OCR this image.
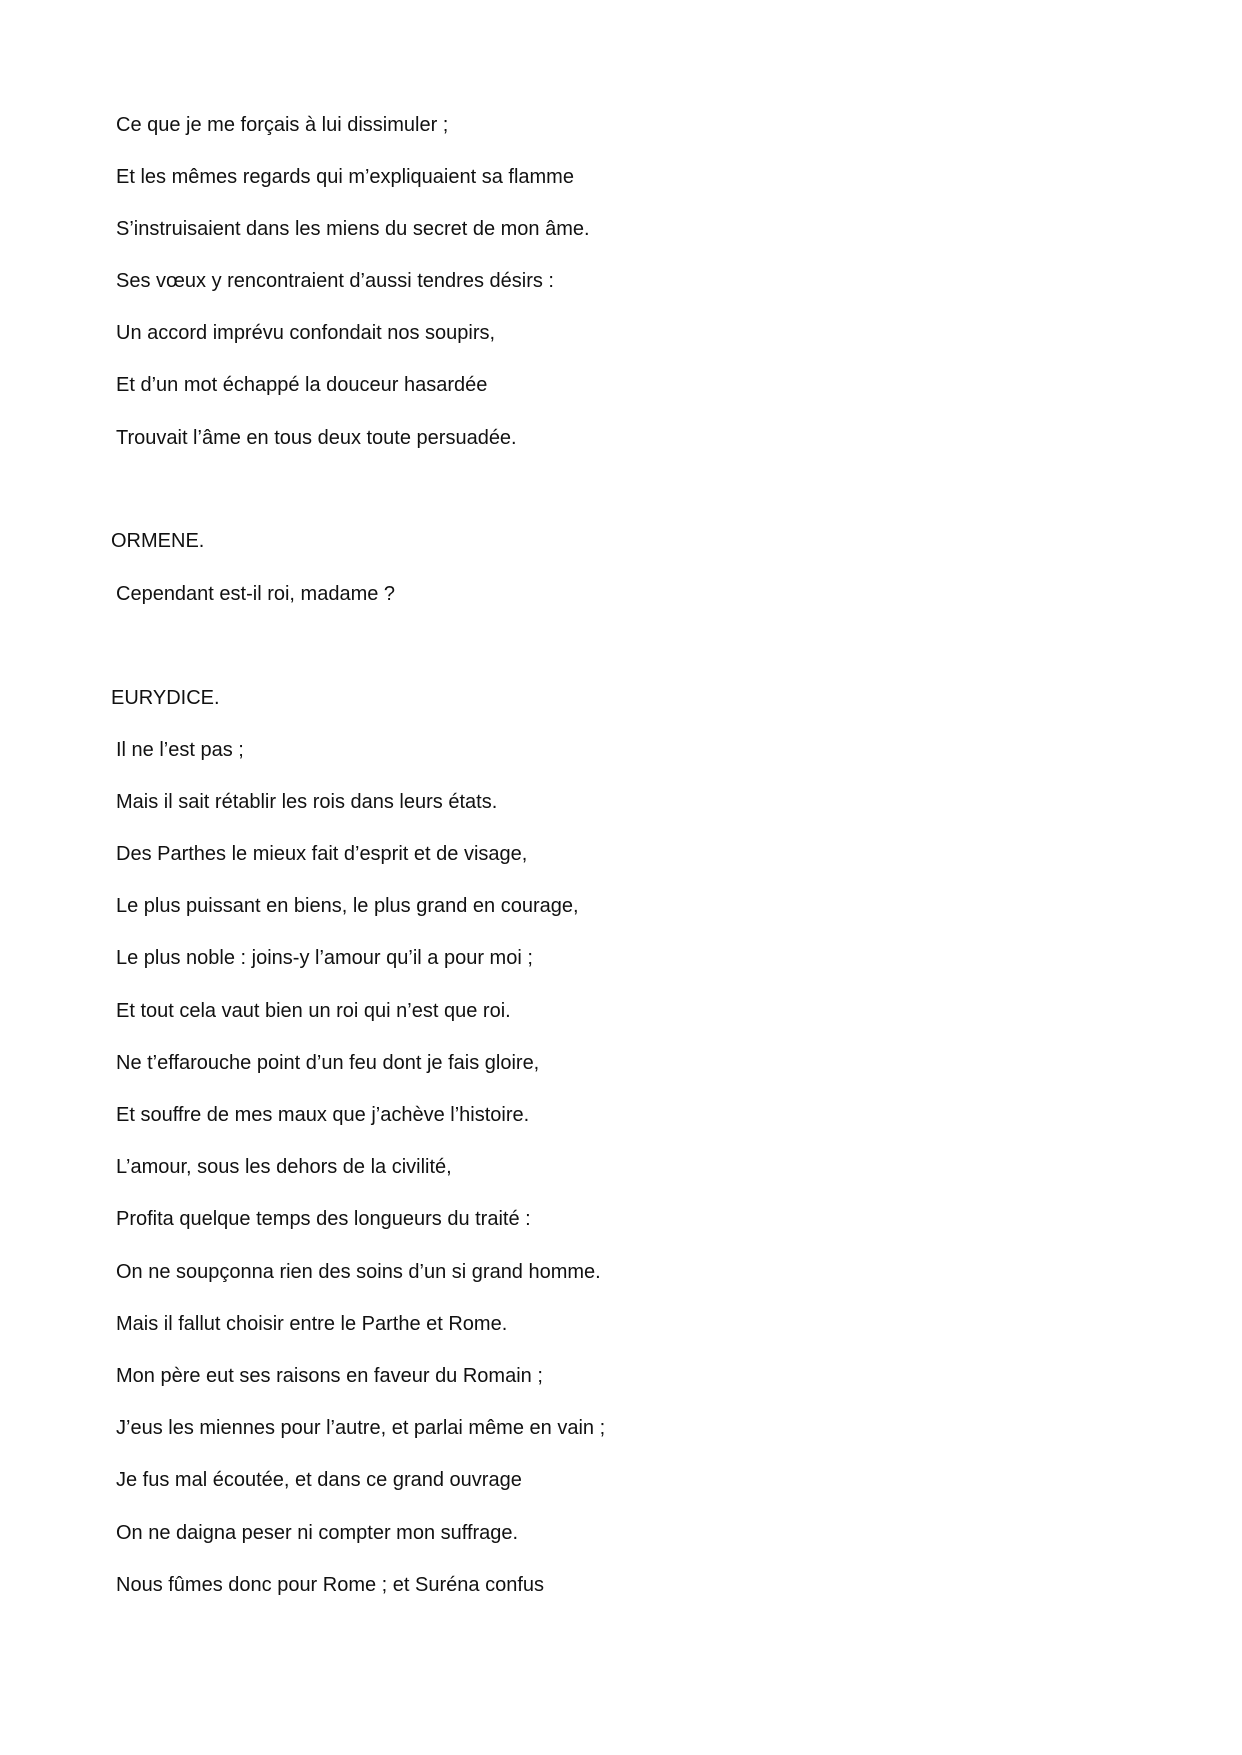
Ce que je me forçais à lui dissimuler ;

Et les mêmes regards qui m’expliquaient sa flamme

S’instruisaient dans les miens du secret de mon âme.

Ses vœux y rencontraient d’aussi tendres désirs :

Un accord imprévu confondait nos soupirs,

Et d’un mot échappé la douceur hasardée

Trouvait l’âme en tous deux toute persuadée.

ORMENE.

Cependant est-il roi, madame ?

EURYDICE.

Il ne l’est pas ;

Mais il sait rétablir les rois dans leurs états.

Des Parthes le mieux fait d’esprit et de visage,

Le plus puissant en biens, le plus grand en courage,

Le plus noble : joins-y l’amour qu’il a pour moi ;

Et tout cela vaut bien un roi qui n’est que roi.

Ne t’effarouche point d’un feu dont je fais gloire,

Et souffre de mes maux que j’achève l’histoire.

L’amour, sous les dehors de la civilité,

Profita quelque temps des longueurs du traité :

On ne soupçonna rien des soins d’un si grand homme.

Mais il fallut choisir entre le Parthe et Rome.

Mon père eut ses raisons en faveur du Romain ;

J’eus les miennes pour l’autre, et parlai même en vain ;

Je fus mal écoutée, et dans ce grand ouvrage

On ne daigna peser ni compter mon suffrage.

Nous fûmes donc pour Rome ; et Suréna confus
